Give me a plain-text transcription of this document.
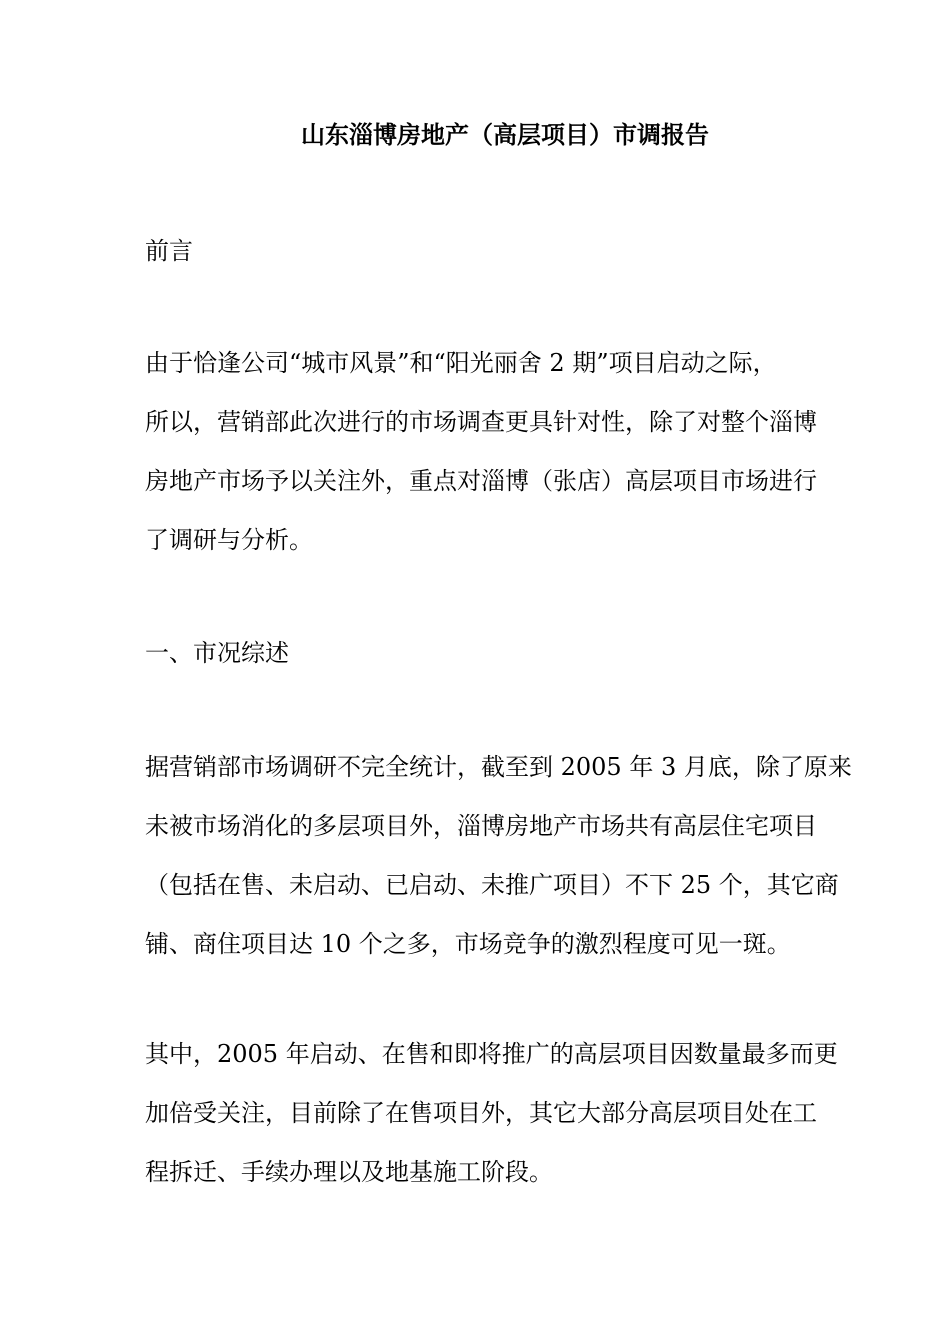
山东淄博房地产（高层项目）市调报告

前言

由于恰逢公司“城市风景”和“阳光丽舍 2 期”项目启动之际，
所以，营销部此次进行的市场调查更具针对性，除了对整个淄博
房地产市场予以关注外，重点对淄博（张店）高层项目市场进行
了调研与分析。

一、市况综述

据营销部市场调研不完全统计，截至到 2005 年 3 月底，除了原来
未被市场消化的多层项目外，淄博房地产市场共有高层住宅项目
（包括在售、未启动、已启动、未推广项目）不下 25 个，其它商
铺、商住项目达 10 个之多，市场竞争的激烈程度可见一斑。

其中，2005 年启动、在售和即将推广的高层项目因数量最多而更
加倍受关注，目前除了在售项目外，其它大部分高层项目处在工
程拆迁、手续办理以及地基施工阶段。
